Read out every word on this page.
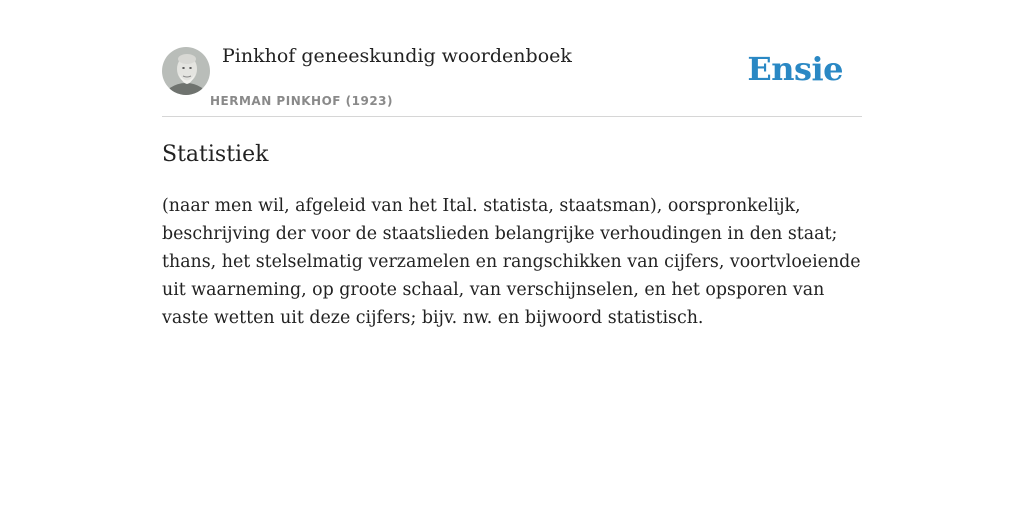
Pinkhof geneeskundig woordenboek
HERMAN PINKHOF (1923)
Ensie
Statistiek

(naar men wil, afgeleid van het Ital. statista, staatsman), oorspronkelijk, beschrijving der voor de staatslieden belangrijke verhoudingen in den staat; thans, het stelselmatig verzamelen en rangschikken van cijfers, voortvloeiende uit waarneming, op groote schaal, van verschijnselen, en het opsporen van vaste wetten uit deze cijfers; bijv. nw. en bijwoord statistisch.
